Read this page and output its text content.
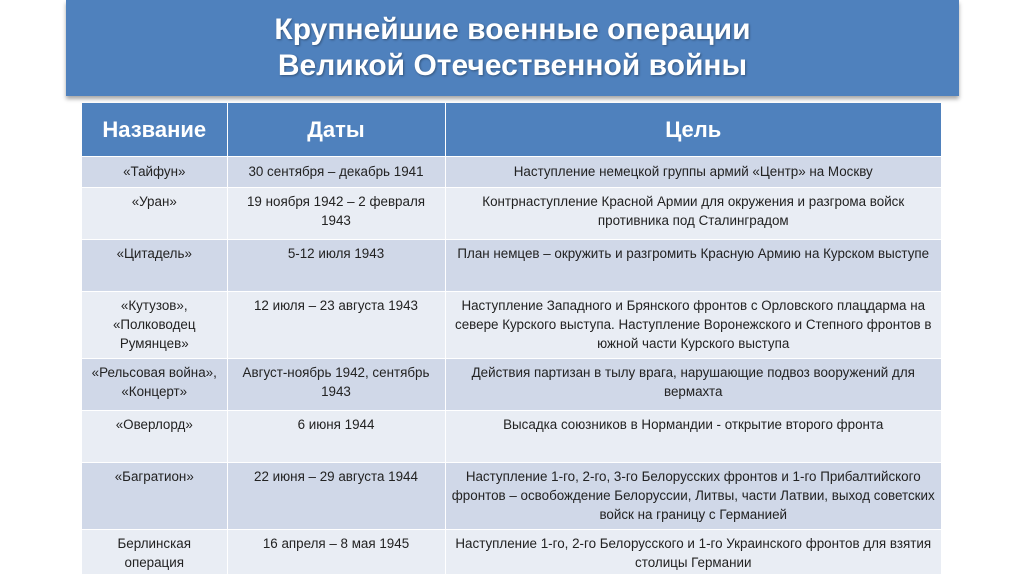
Крупнейшие военные операции
Великой Отечественной войны
Название	Даты	Цель
«Тайфун»	30 сентября – декабрь 1941	Наступление немецкой группы армий «Центр» на Москву
«Уран»	19 ноября 1942 – 2 февраля 1943	Контрнаступление Красной Армии для окружения и разгрома войск противника под Сталинградом
«Цитадель»	5-12 июля 1943	План немцев – окружить и разгромить Красную Армию на Курском выступе
«Кутузов», «Полководец Румянцев»	12 июля – 23 августа 1943	Наступление Западного и Брянского фронтов с Орловского плацдарма на севере Курского выступа. Наступление Воронежского и Степного фронтов в южной части Курского выступа
«Рельсовая война», «Концерт»	Август-ноябрь 1942, сентябрь 1943	Действия партизан в тылу врага, нарушающие подвоз вооружений для вермахта
«Оверлорд»	6 июня 1944	Высадка союзников в Нормандии - открытие второго фронта
«Багратион»	22 июня – 29 августа 1944	Наступление 1-го, 2-го, 3-го Белорусских фронтов и 1-го Прибалтийского фронтов – освобождение Белоруссии, Литвы, части Латвии, выход советских войск на границу с Германией
Берлинская операция	16 апреля – 8 мая 1945	Наступление 1-го, 2-го Белорусского и 1-го Украинского фронтов для взятия столицы Германии
